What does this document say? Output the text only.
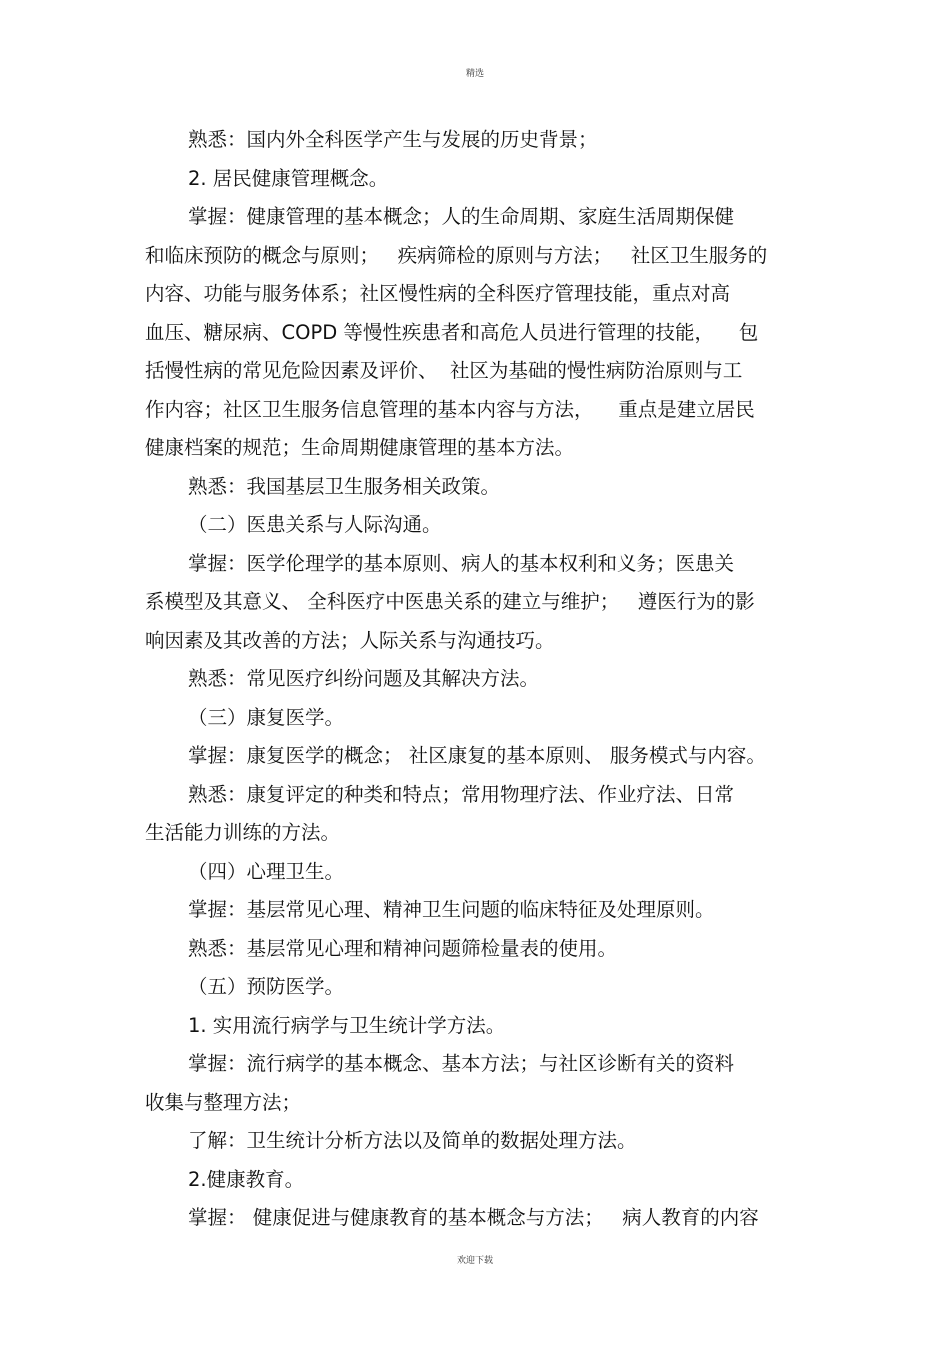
精选
熟悉：国内外全科医学产生与发展的历史背景；
2. 居民健康管理概念。
掌握：健康管理的基本概念；人的生命周期、家庭生活周期保健
和临床预防的概念与原则；   疾病筛检的原则与方法；   社区卫生服务的
内容、功能与服务体系；社区慢性病的全科医疗管理技能，重点对高
血压、糖尿病、COPD 等慢性疾患者和高危人员进行管理的技能，    包
括慢性病的常见危险因素及评价、  社区为基础的慢性病防治原则与工
作内容；社区卫生服务信息管理的基本内容与方法，    重点是建立居民
健康档案的规范；生命周期健康管理的基本方法。
熟悉：我国基层卫生服务相关政策。
（二）医患关系与人际沟通。
掌握：医学伦理学的基本原则、病人的基本权利和义务；医患关
系模型及其意义、 全科医疗中医患关系的建立与维护；   遵医行为的影
响因素及其改善的方法；人际关系与沟通技巧。
熟悉：常见医疗纠纷问题及其解决方法。
（三）康复医学。
掌握：康复医学的概念； 社区康复的基本原则、 服务模式与内容。
熟悉：康复评定的种类和特点；常用物理疗法、作业疗法、日常
生活能力训练的方法。
（四）心理卫生。
掌握：基层常见心理、精神卫生问题的临床特征及处理原则。
熟悉：基层常见心理和精神问题筛检量表的使用。
（五）预防医学。
1. 实用流行病学与卫生统计学方法。
掌握：流行病学的基本概念、基本方法；与社区诊断有关的资料
收集与整理方法；
了解：卫生统计分析方法以及简单的数据处理方法。
2.健康教育。
掌握： 健康促进与健康教育的基本概念与方法；   病人教育的内容
欢迎下载
